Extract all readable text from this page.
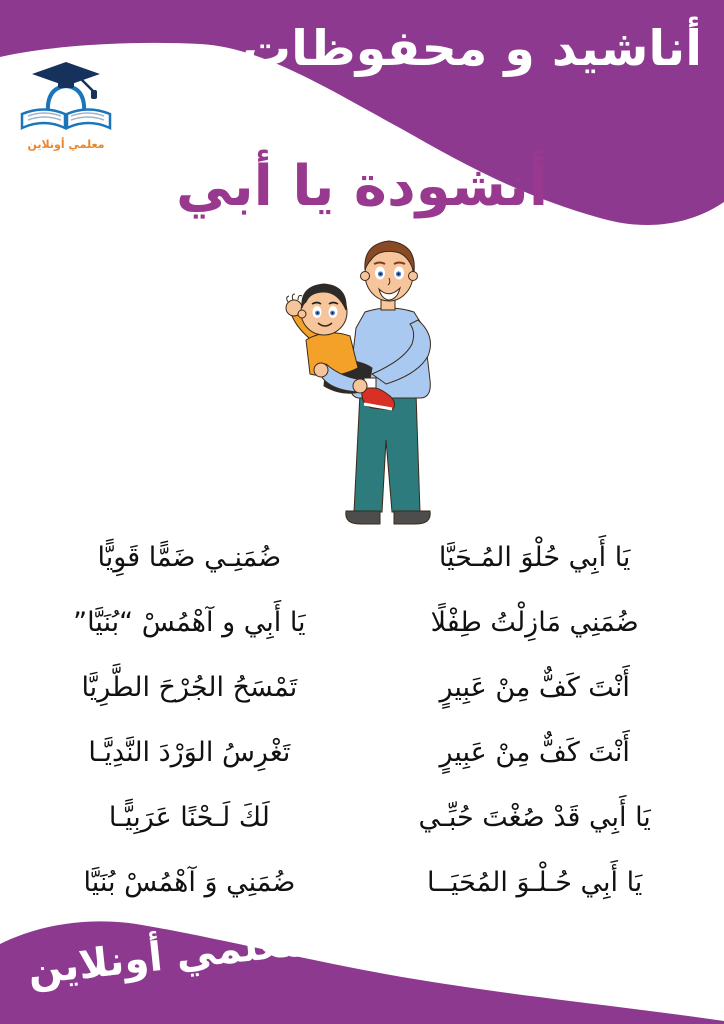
أناشيد و محفوظات
معلمي أونلاين
أنشودة يا أبي
يَا أَبِي حُلْوَ المُـحَيَّا
ضُمَنِـي ضَمًّا قَوِيًّا
ضُمَنِي مَازِلْتُ طِفْلًا
يَا أَبِي و آهْمُسْ “بُنَيَّا”
أَنْتَ كَفٌّ مِنْ عَبِيرٍ
تَمْسَحُ الجُرْحَ الطَّرِيَّا
أَنْتَ كَفٌّ مِنْ عَبِيرٍ
تَغْرِسُ الوَرْدَ النَّدِيَّـا
يَا أَبِي قَدْ صُغْتَ حُبِّـي
لَكَ لَـحْنًا عَرَبِيًّـا
يَا أَبِي حُـلْـوَ المُحَيَــا
ضُمَنِي وَ آهْمُسْ بُنَيَّا
معلمي أونلاين
